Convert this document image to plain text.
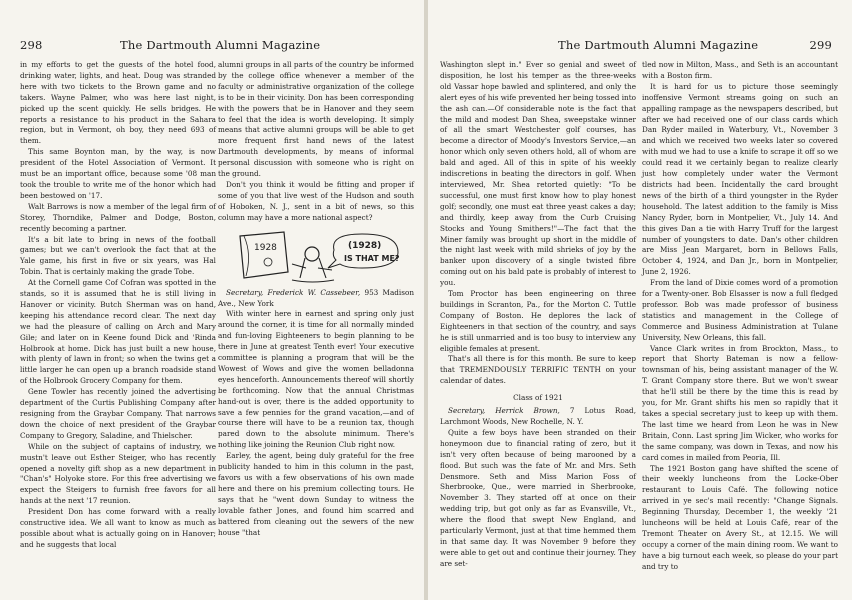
298	The Dartmouth Alumni Magazine

in my efforts to get the guests of the hotel food, drinking water, lights, and heat. Doug was stranded here with two tickets to the Brown game and no takers. Wayne Palmer, who was here last night, picked up the scent quickly. He sells bridges. He reports a resistance to his product in the Sahara region, but in Vermont, oh boy, they need 693 of them.

This same Boynton man, by the way, is now president of the Hotel Association of Vermont. It must be an important office, because some '08 man took the trouble to write me of the honor which had been bestowed on '17.

Walt Barrows is now a member of the legal firm of Storey, Thorndike, Palmer and Dodge, Boston, recently becoming a partner.

It's a bit late to bring in news of the football games; but we can't overlook the fact that at the Yale game, his first in five or six years, was Hal Tobin. That is certainly making the grade Tobe.

At the Cornell game Cof Cofran was spotted in the stands, so it is assumed that he is still living in Hanover or vicinity. Butch Sherman was on hand, keeping his attendance record clear. The next day we had the pleasure of calling on Arch and Mary Gile; and later on in Keene found Dick and 'Rinda Holbrook at home. Dick has just built a new house, with plenty of lawn in front; so when the twins get a little larger he can open up a branch roadside stand of the Holbrook Grocery Company for them.

Gene Towler has recently joined the advertising department of the Curtis Publishing Company after resigning from the Graybar Company. That narrows down the choice of next president of the Graybar Company to Gregory, Saladine, and Thielscher.

While on the subject of captains of industry, we mustn't leave out Esther Steiger, who has recently opened a novelty gift shop as a new department in "Chan's" Holyoke store. For this free advertising we expect the Steigers to furnish free favors for all hands at the next '17 reunion.

President Don has come forward with a really constructive idea. We all want to know as much as possible about what is actually going on in Hanover; and he suggests that local

alumni groups in all parts of the country be informed by the college office whenever a member of the faculty or administrative organization of the college is to be in their vicinity. Don has been corresponding with the powers that be in Hanover and they seem to feel that the idea is worth developing. It simply means that active alumni groups will be able to get more frequent first hand news of the latest Dartmouth developments, by means of informal personal discussion with someone who is right on the ground.

Don't you think it would be fitting and proper if some of you that live west of the Hudson and south of Hoboken, N. J., sent in a bit of news, so this column may have a more national aspect?

1928	(1928)
IS THAT ME?

Secretary, Frederick W. Cassebeer, 953 Madison Ave., New York

With winter here in earnest and spring only just around the corner, it is time for all normally minded and fun-loving Eighteeners to begin planning to be there in June at greatest Tenth ever! Your executive committee is planning a program that will be the Wowest of Wows and give the women belladonna eyes henceforth. Announcements thereof will shortly be forthcoming. Now that the annual Christmas hand-out is over, there is the added opportunity to save a few pennies for the grand vacation,—and of course there will have to be a reunion tax, though pared down to the absolute minimum. There's nothing like joining the Reunion Club right now.

Earley, the agent, being duly grateful for the free publicity handed to him in this column in the past, favors us with a few observations of his own made here and there on his premium collecting tours. He says that he "went down Sunday to witness the lovable father Jones, and found him scarred and battered from cleaning out the sewers of the new house "that

The Dartmouth Alumni Magazine	299

Washington slept in." Ever so genial and sweet of disposition, he lost his temper as the three-weeks old Vassar hope bawled and splintered, and only the alert eyes of his wife prevented her being tossed into the ash can.—Of considerable note is the fact that the mild and modest Dan Shea, sweepstake winner of all the smart Westchester golf courses, has become a director of Moody's Investors Service,—an honor which only seven others hold, all of whom are bald and aged. All of this in spite of his weekly indiscretions in beating the directors in golf. When interviewed, Mr. Shea retorted quietly: "To be successful, one must first know how to play honest golf; secondly, one must eat three yeast cakes a day; and thirdly, keep away from the Curb Cruising Stocks and Young Smithers!"—The fact that the Miner family was brought up short in the middle of the night last week with mild shrieks of joy by the banker upon discovery of a single twisted fibre coming out on his bald pate is probably of interest to you.

Tom Proctor has been engineering on three buildings in Scranton, Pa., for the Morton C. Tuttle Company of Boston. He deplores the lack of Eighteeners in that section of the country, and says he is still unmarried and is too busy to interview any eligible females at present.

That's all there is for this month. Be sure to keep that TREMENDOUSLY TERRIFIC TENTH on your calendar of dates.

Class of 1921

Secretary, Herrick Brown, 7 Lotus Road, Larchmont Woods, New Rochelle, N. Y.

Quite a few boys have been stranded on their honeymoon due to financial rating of zero, but it isn't very often because of being marooned by a flood. But such was the fate of Mr. and Mrs. Seth Densmore. Seth and Miss Marion Foss of Sherbrooke, Que., were married in Sherbrooke, November 3. They started off at once on their wedding trip, but got only as far as Evansville, Vt., where the flood that swept New England, and particularly Vermont, just at that time hemmed them in that same day. It was November 9 before they were able to get out and continue their journey. They are set-

tled now in Milton, Mass., and Seth is an accountant with a Boston firm.

It is hard for us to picture those seemingly inoffensive Vermont streams going on such an appalling rampage as the newspapers described, but after we had received one of our class cards which Dan Ryder mailed in Waterbury, Vt., November 3 and which we received two weeks later so covered with mud we had to use a knife to scrape it off so we could read it we certainly began to realize clearly just how completely under water the Vermont districts had been. Incidentally the card brought news of the birth of a third youngster in the Ryder household. The latest addition to the family is Miss Nancy Ryder, born in Montpelier, Vt., July 14. And this gives Dan a tie with Harry Truff for the largest number of youngsters to date. Dan's other children are Miss Jean Margaret, born in Bellows Falls, October 4, 1924, and Dan Jr., born in Montpelier, June 2, 1926.

From the land of Dixie comes word of a promotion for a Twenty-oner. Bob Elsasser is now a full fledged professor. Bob was made professor of business statistics and management in the College of Commerce and Business Administration at Tulane University, New Orleans, this fall.

Vance Clark writes in from Brockton, Mass., to report that Shorty Bateman is now a fellow-townsman of his, being assistant manager of the W. T. Grant Company store there. But we won't swear that he'll still be there by the time this is read by you, for Mr. Grant shifts his men so rapidly that it takes a special secretary just to keep up with them. The last time we heard from Leon he was in New Britain, Conn. Last spring Jim Wicker, who works for the same company, was down in Texas, and now his card comes in mailed from Peoria, Ill.

The 1921 Boston gang have shifted the scene of their weekly luncheons from the Locke-Ober restaurant to Louis Café. The following notice arrived in ye sec's mail recently: "Change Signals. Beginning Thursday, December 1, the weekly '21 luncheons will be held at Louis Café, rear of the Tremont Theater on Avery St., at 12.15. We will occupy a corner of the main dining room. We want to have a big turnout each week, so please do your part and try to
